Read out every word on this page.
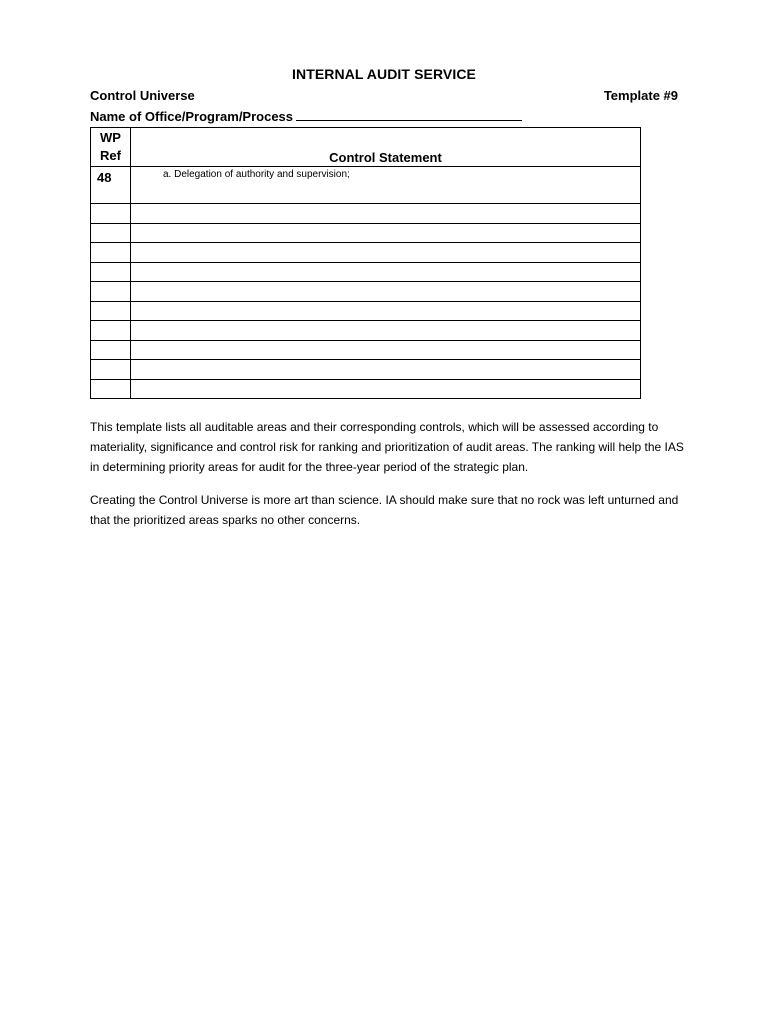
INTERNAL AUDIT SERVICE
Control Universe	Template #9
Name of Office/Program/Process
WP
Ref	Control Statement
48	a. Delegation of authority and supervision;

This template lists all auditable areas and their corresponding controls, which will be assessed according to materiality, significance and control risk for ranking and prioritization of audit areas. The ranking will help the IAS in determining priority areas for audit for the three-year period of the strategic plan.

Creating the Control Universe is more art than science. IA should make sure that no rock was left unturned and that the prioritized areas sparks no other concerns.
